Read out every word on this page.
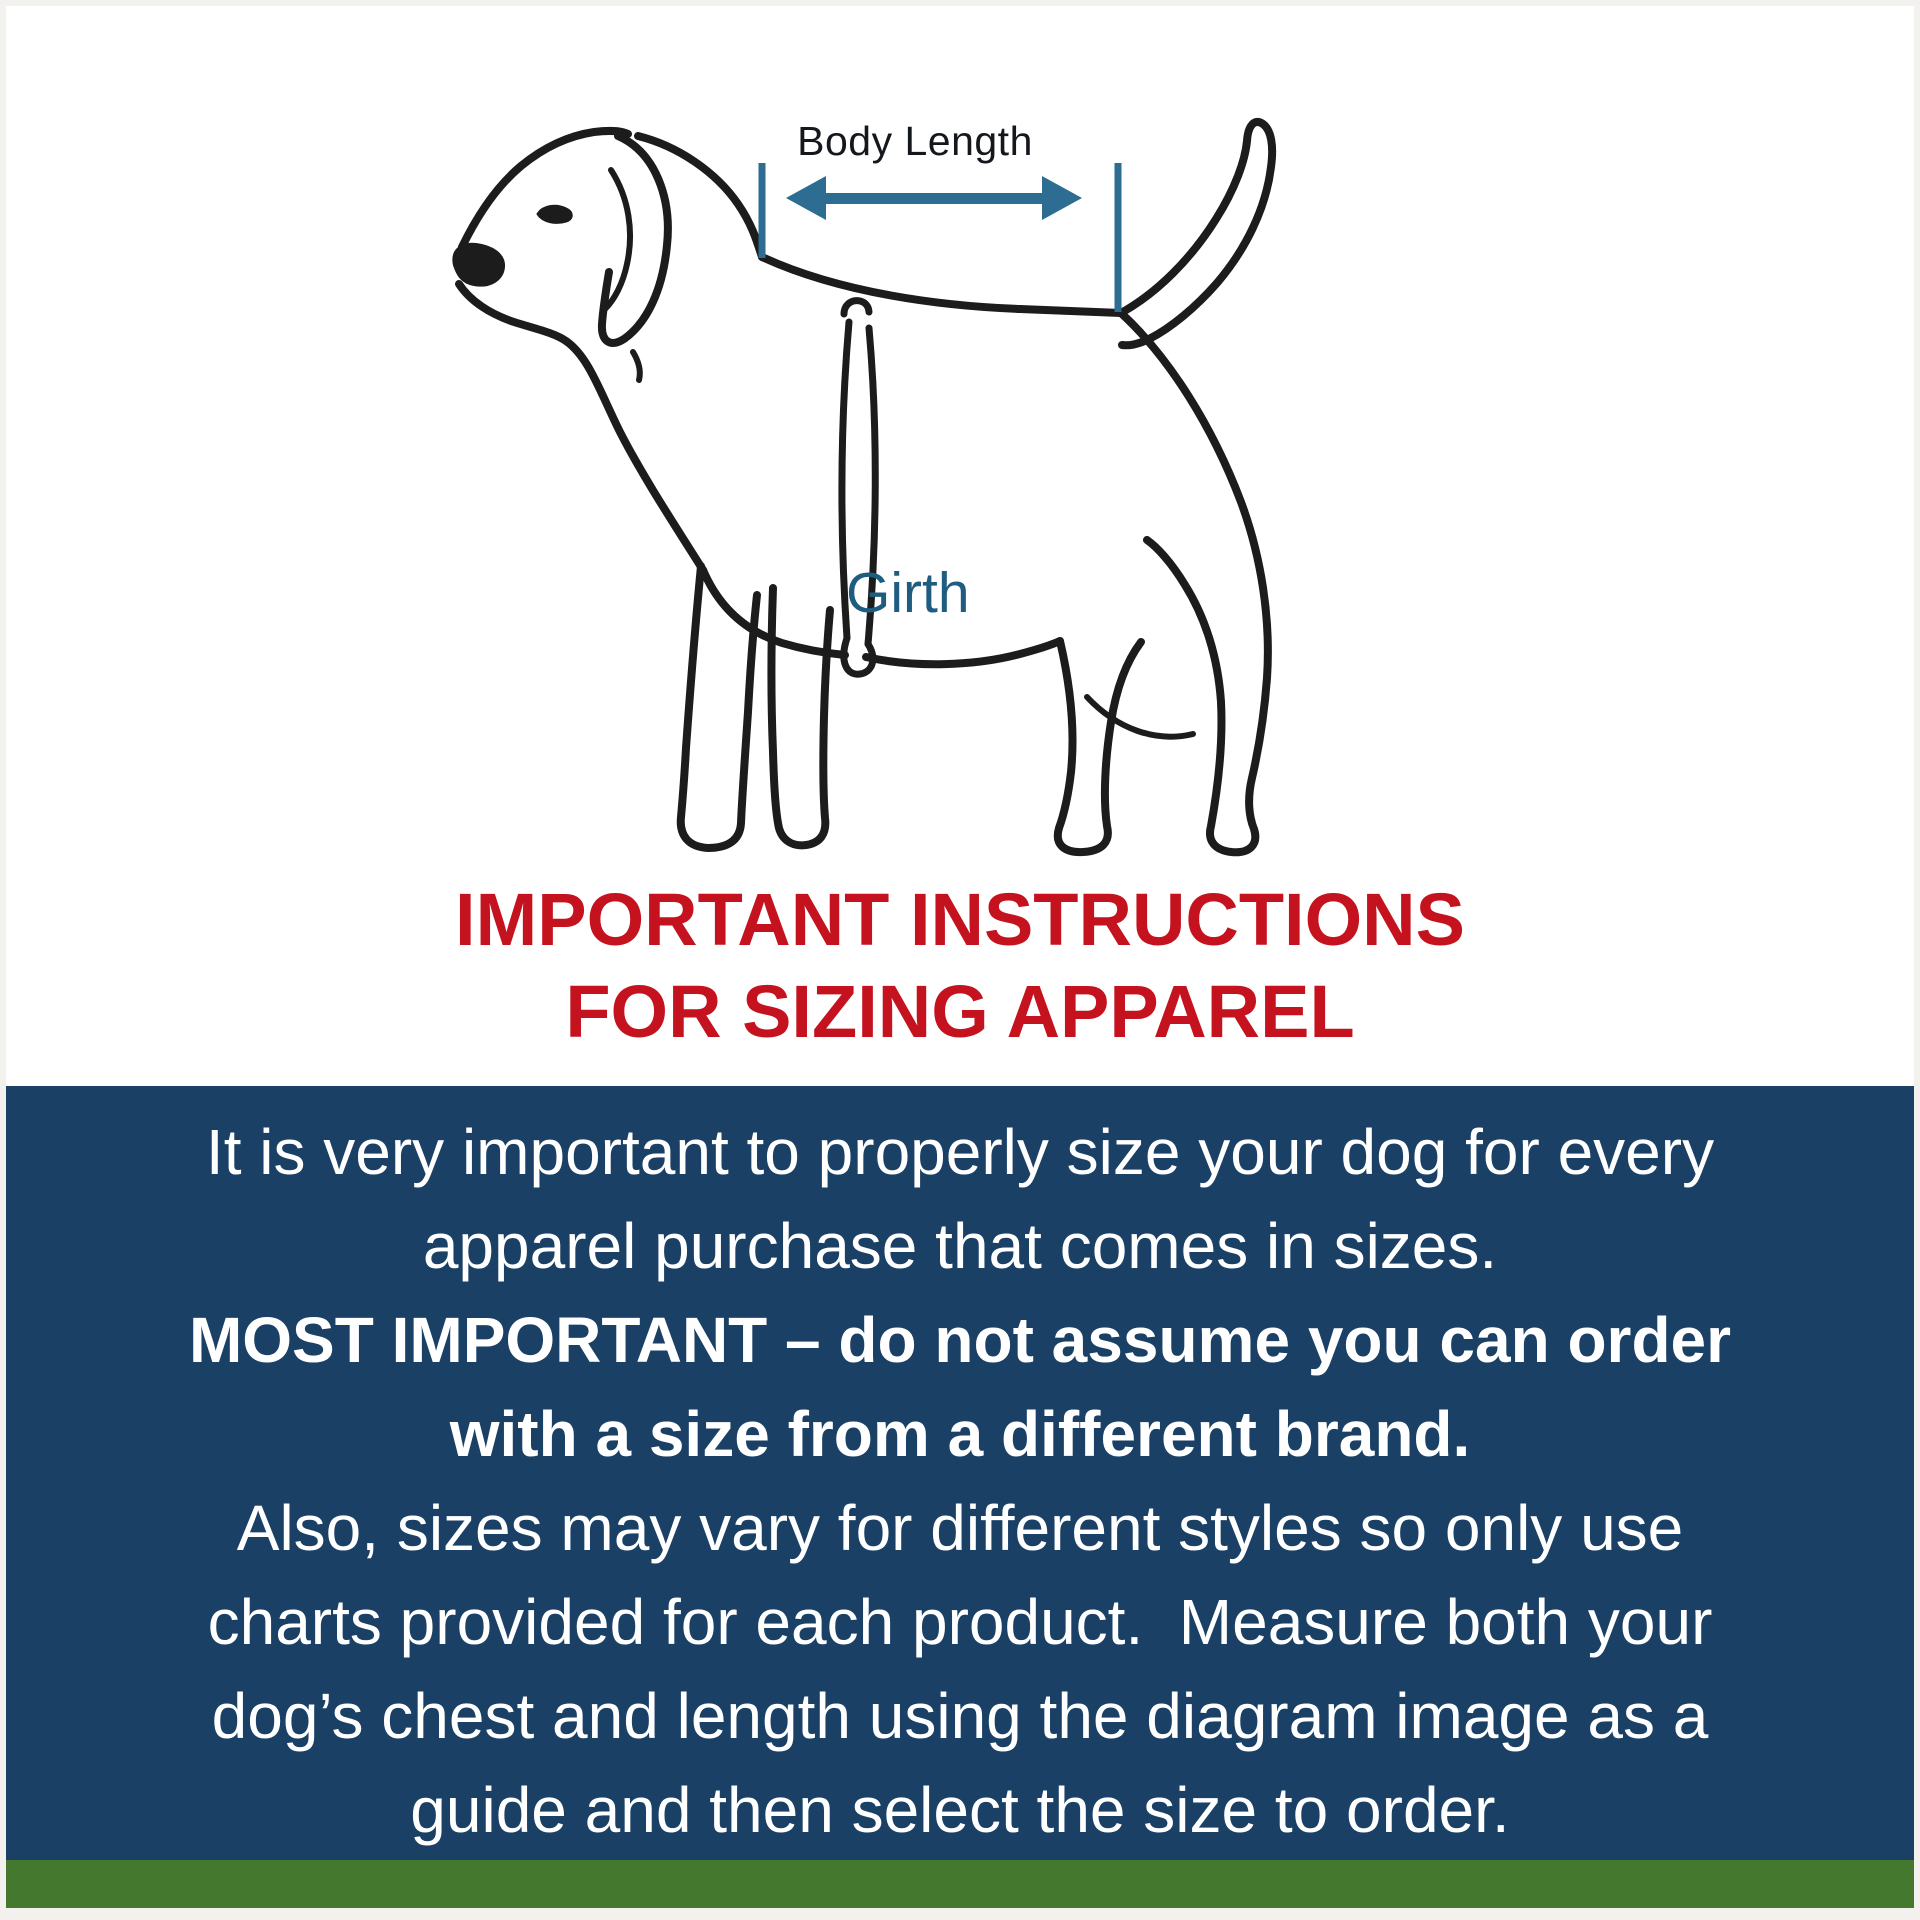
Body Length
Girth
IMPORTANT INSTRUCTIONS
FOR SIZING APPAREL
It is very important to properly size your dog for every
apparel purchase that comes in sizes.
MOST IMPORTANT – do not assume you can order
with a size from a different brand.
Also, sizes may vary for different styles so only use
charts provided for each product.  Measure both your
dog’s chest and length using the diagram image as a
guide and then select the size to order.
